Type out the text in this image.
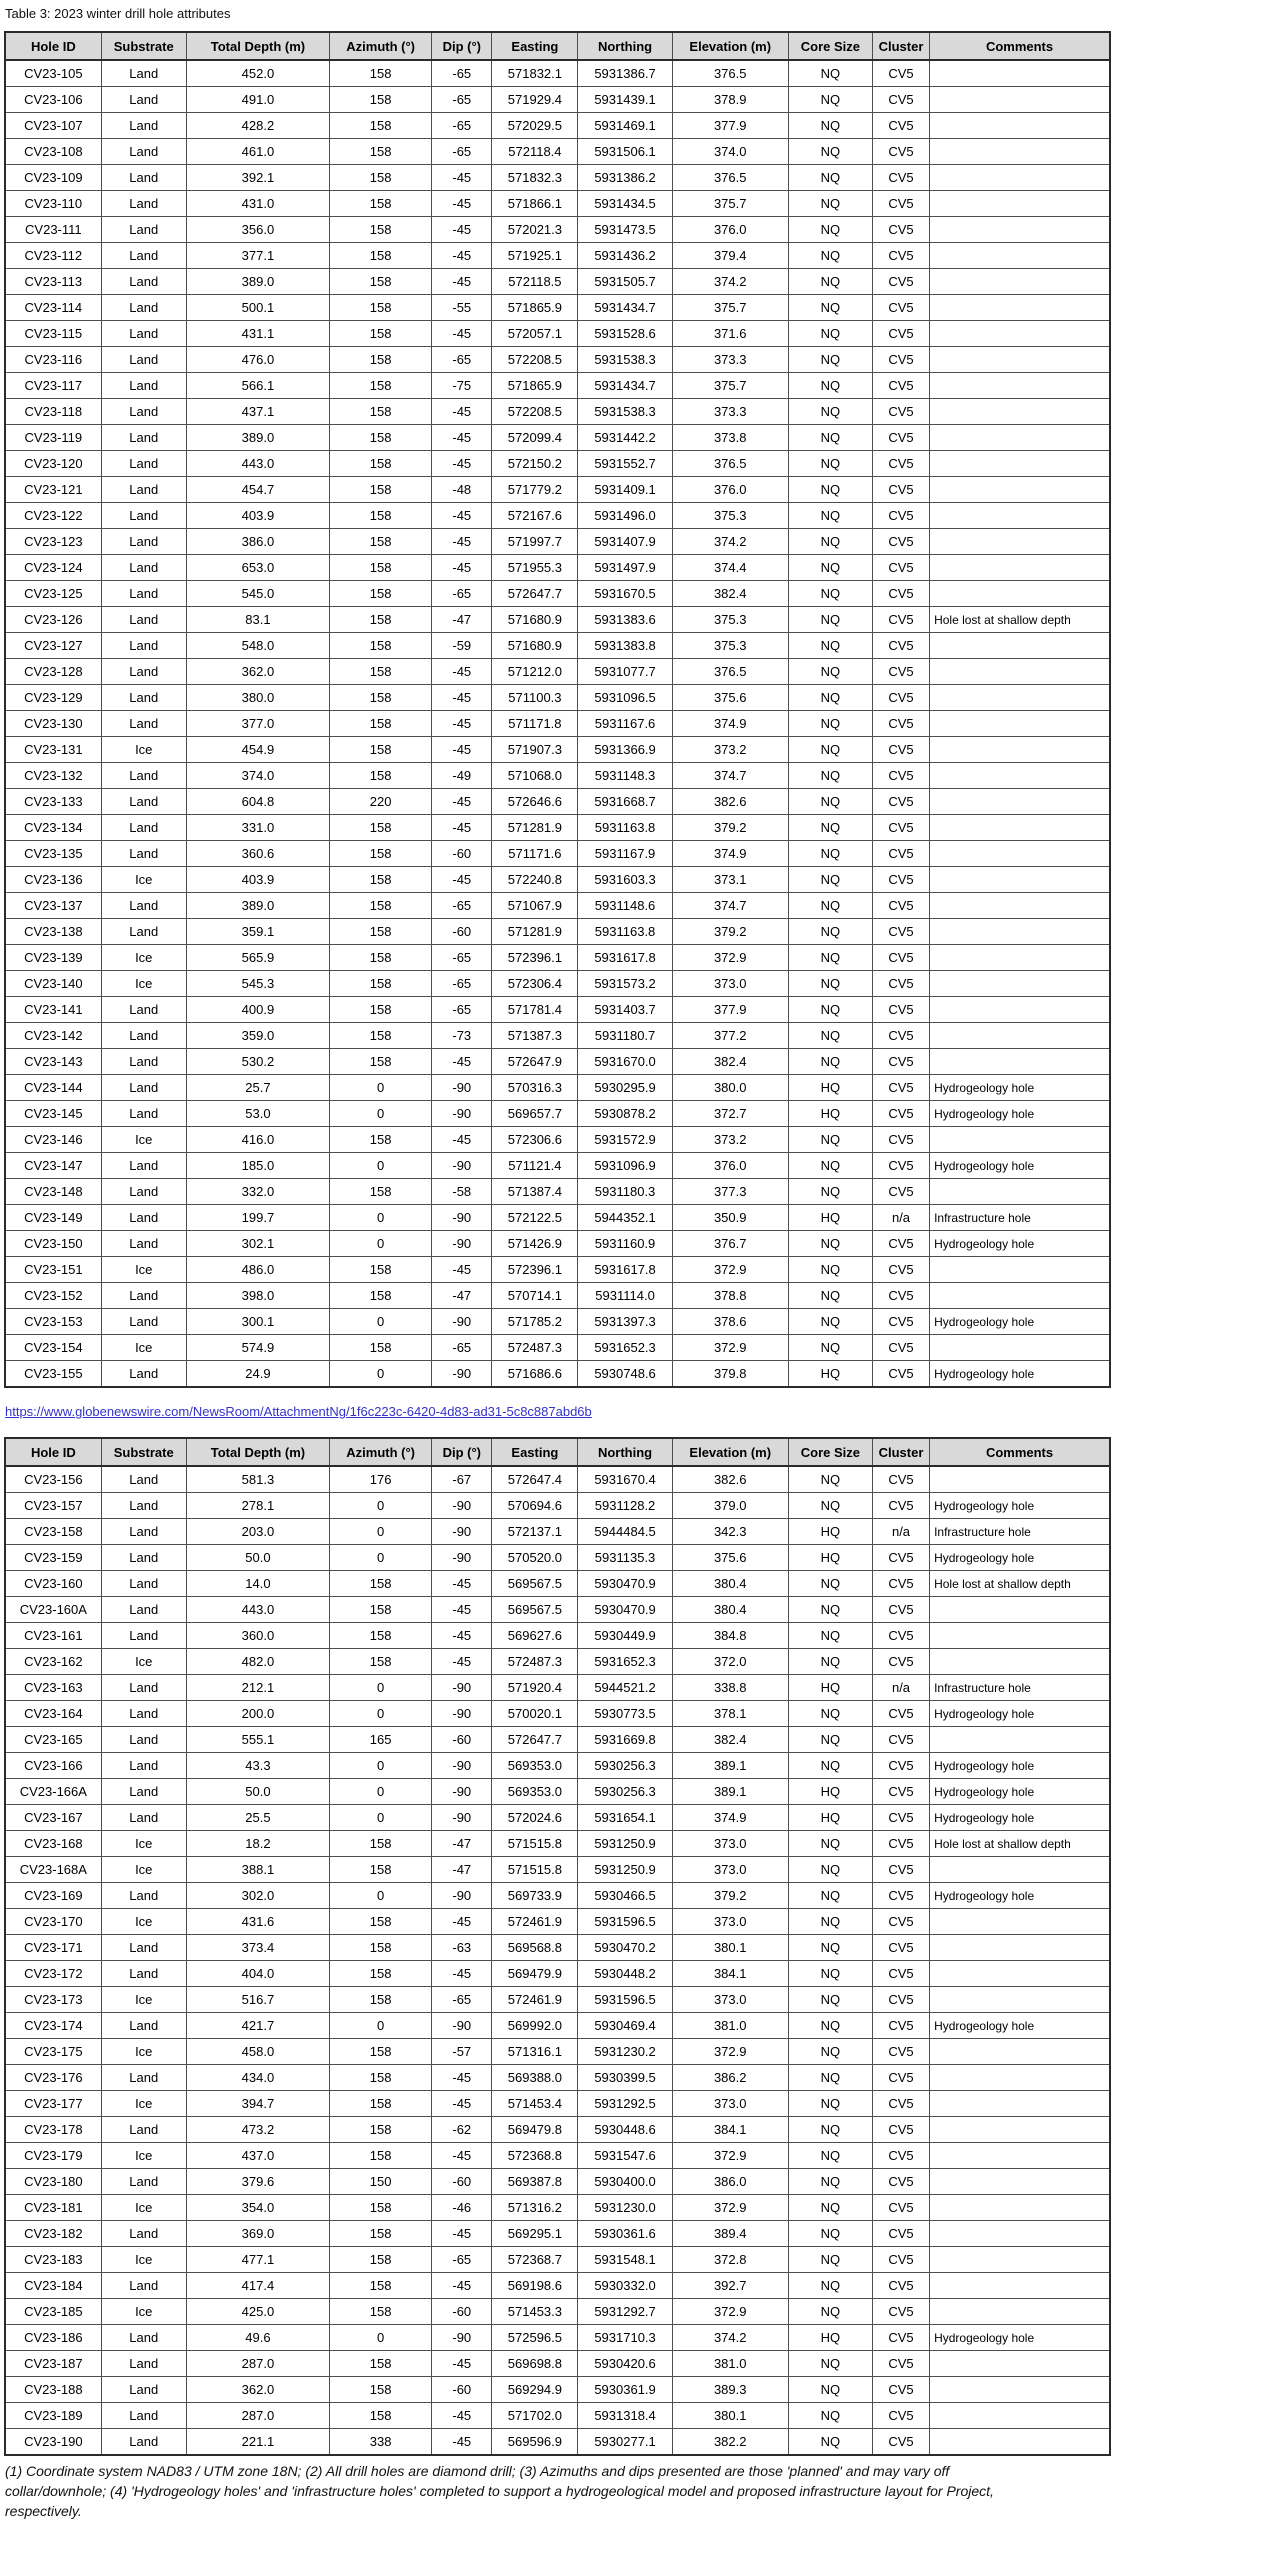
Table 3: 2023 winter drill hole attributes
Hole ID	Substrate	Total Depth (m)	Azimuth (°)	Dip (°)	Easting	Northing	Elevation (m)	Core Size	Cluster	Comments
CV23-105	Land	452.0	158	-65	571832.1	5931386.7	376.5	NQ	CV5	
CV23-106	Land	491.0	158	-65	571929.4	5931439.1	378.9	NQ	CV5	
CV23-107	Land	428.2	158	-65	572029.5	5931469.1	377.9	NQ	CV5	
CV23-108	Land	461.0	158	-65	572118.4	5931506.1	374.0	NQ	CV5	
CV23-109	Land	392.1	158	-45	571832.3	5931386.2	376.5	NQ	CV5	
CV23-110	Land	431.0	158	-45	571866.1	5931434.5	375.7	NQ	CV5	
CV23-111	Land	356.0	158	-45	572021.3	5931473.5	376.0	NQ	CV5	
CV23-112	Land	377.1	158	-45	571925.1	5931436.2	379.4	NQ	CV5	
CV23-113	Land	389.0	158	-45	572118.5	5931505.7	374.2	NQ	CV5	
CV23-114	Land	500.1	158	-55	571865.9	5931434.7	375.7	NQ	CV5	
CV23-115	Land	431.1	158	-45	572057.1	5931528.6	371.6	NQ	CV5	
CV23-116	Land	476.0	158	-65	572208.5	5931538.3	373.3	NQ	CV5	
CV23-117	Land	566.1	158	-75	571865.9	5931434.7	375.7	NQ	CV5	
CV23-118	Land	437.1	158	-45	572208.5	5931538.3	373.3	NQ	CV5	
CV23-119	Land	389.0	158	-45	572099.4	5931442.2	373.8	NQ	CV5	
CV23-120	Land	443.0	158	-45	572150.2	5931552.7	376.5	NQ	CV5	
CV23-121	Land	454.7	158	-48	571779.2	5931409.1	376.0	NQ	CV5	
CV23-122	Land	403.9	158	-45	572167.6	5931496.0	375.3	NQ	CV5	
CV23-123	Land	386.0	158	-45	571997.7	5931407.9	374.2	NQ	CV5	
CV23-124	Land	653.0	158	-45	571955.3	5931497.9	374.4	NQ	CV5	
CV23-125	Land	545.0	158	-65	572647.7	5931670.5	382.4	NQ	CV5	
CV23-126	Land	83.1	158	-47	571680.9	5931383.6	375.3	NQ	CV5	Hole lost at shallow depth
CV23-127	Land	548.0	158	-59	571680.9	5931383.8	375.3	NQ	CV5	
CV23-128	Land	362.0	158	-45	571212.0	5931077.7	376.5	NQ	CV5	
CV23-129	Land	380.0	158	-45	571100.3	5931096.5	375.6	NQ	CV5	
CV23-130	Land	377.0	158	-45	571171.8	5931167.6	374.9	NQ	CV5	
CV23-131	Ice	454.9	158	-45	571907.3	5931366.9	373.2	NQ	CV5	
CV23-132	Land	374.0	158	-49	571068.0	5931148.3	374.7	NQ	CV5	
CV23-133	Land	604.8	220	-45	572646.6	5931668.7	382.6	NQ	CV5	
CV23-134	Land	331.0	158	-45	571281.9	5931163.8	379.2	NQ	CV5	
CV23-135	Land	360.6	158	-60	571171.6	5931167.9	374.9	NQ	CV5	
CV23-136	Ice	403.9	158	-45	572240.8	5931603.3	373.1	NQ	CV5	
CV23-137	Land	389.0	158	-65	571067.9	5931148.6	374.7	NQ	CV5	
CV23-138	Land	359.1	158	-60	571281.9	5931163.8	379.2	NQ	CV5	
CV23-139	Ice	565.9	158	-65	572396.1	5931617.8	372.9	NQ	CV5	
CV23-140	Ice	545.3	158	-65	572306.4	5931573.2	373.0	NQ	CV5	
CV23-141	Land	400.9	158	-65	571781.4	5931403.7	377.9	NQ	CV5	
CV23-142	Land	359.0	158	-73	571387.3	5931180.7	377.2	NQ	CV5	
CV23-143	Land	530.2	158	-45	572647.9	5931670.0	382.4	NQ	CV5	
CV23-144	Land	25.7	0	-90	570316.3	5930295.9	380.0	HQ	CV5	Hydrogeology hole
CV23-145	Land	53.0	0	-90	569657.7	5930878.2	372.7	HQ	CV5	Hydrogeology hole
CV23-146	Ice	416.0	158	-45	572306.6	5931572.9	373.2	NQ	CV5	
CV23-147	Land	185.0	0	-90	571121.4	5931096.9	376.0	NQ	CV5	Hydrogeology hole
CV23-148	Land	332.0	158	-58	571387.4	5931180.3	377.3	NQ	CV5	
CV23-149	Land	199.7	0	-90	572122.5	5944352.1	350.9	HQ	n/a	Infrastructure hole
CV23-150	Land	302.1	0	-90	571426.9	5931160.9	376.7	NQ	CV5	Hydrogeology hole
CV23-151	Ice	486.0	158	-45	572396.1	5931617.8	372.9	NQ	CV5	
CV23-152	Land	398.0	158	-47	570714.1	5931114.0	378.8	NQ	CV5	
CV23-153	Land	300.1	0	-90	571785.2	5931397.3	378.6	NQ	CV5	Hydrogeology hole
CV23-154	Ice	574.9	158	-65	572487.3	5931652.3	372.9	NQ	CV5	
CV23-155	Land	24.9	0	-90	571686.6	5930748.6	379.8	HQ	CV5	Hydrogeology hole
https://www.globenewswire.com/NewsRoom/AttachmentNg/1f6c223c-6420-4d83-ad31-5c8c887abd6b
Hole ID	Substrate	Total Depth (m)	Azimuth (°)	Dip (°)	Easting	Northing	Elevation (m)	Core Size	Cluster	Comments
CV23-156	Land	581.3	176	-67	572647.4	5931670.4	382.6	NQ	CV5	
CV23-157	Land	278.1	0	-90	570694.6	5931128.2	379.0	NQ	CV5	Hydrogeology hole
CV23-158	Land	203.0	0	-90	572137.1	5944484.5	342.3	HQ	n/a	Infrastructure hole
CV23-159	Land	50.0	0	-90	570520.0	5931135.3	375.6	HQ	CV5	Hydrogeology hole
CV23-160	Land	14.0	158	-45	569567.5	5930470.9	380.4	NQ	CV5	Hole lost at shallow depth
CV23-160A	Land	443.0	158	-45	569567.5	5930470.9	380.4	NQ	CV5	
CV23-161	Land	360.0	158	-45	569627.6	5930449.9	384.8	NQ	CV5	
CV23-162	Ice	482.0	158	-45	572487.3	5931652.3	372.0	NQ	CV5	
CV23-163	Land	212.1	0	-90	571920.4	5944521.2	338.8	HQ	n/a	Infrastructure hole
CV23-164	Land	200.0	0	-90	570020.1	5930773.5	378.1	NQ	CV5	Hydrogeology hole
CV23-165	Land	555.1	165	-60	572647.7	5931669.8	382.4	NQ	CV5	
CV23-166	Land	43.3	0	-90	569353.0	5930256.3	389.1	NQ	CV5	Hydrogeology hole
CV23-166A	Land	50.0	0	-90	569353.0	5930256.3	389.1	HQ	CV5	Hydrogeology hole
CV23-167	Land	25.5	0	-90	572024.6	5931654.1	374.9	HQ	CV5	Hydrogeology hole
CV23-168	Ice	18.2	158	-47	571515.8	5931250.9	373.0	NQ	CV5	Hole lost at shallow depth
CV23-168A	Ice	388.1	158	-47	571515.8	5931250.9	373.0	NQ	CV5	
CV23-169	Land	302.0	0	-90	569733.9	5930466.5	379.2	NQ	CV5	Hydrogeology hole
CV23-170	Ice	431.6	158	-45	572461.9	5931596.5	373.0	NQ	CV5	
CV23-171	Land	373.4	158	-63	569568.8	5930470.2	380.1	NQ	CV5	
CV23-172	Land	404.0	158	-45	569479.9	5930448.2	384.1	NQ	CV5	
CV23-173	Ice	516.7	158	-65	572461.9	5931596.5	373.0	NQ	CV5	
CV23-174	Land	421.7	0	-90	569992.0	5930469.4	381.0	NQ	CV5	Hydrogeology hole
CV23-175	Ice	458.0	158	-57	571316.1	5931230.2	372.9	NQ	CV5	
CV23-176	Land	434.0	158	-45	569388.0	5930399.5	386.2	NQ	CV5	
CV23-177	Ice	394.7	158	-45	571453.4	5931292.5	373.0	NQ	CV5	
CV23-178	Land	473.2	158	-62	569479.8	5930448.6	384.1	NQ	CV5	
CV23-179	Ice	437.0	158	-45	572368.8	5931547.6	372.9	NQ	CV5	
CV23-180	Land	379.6	150	-60	569387.8	5930400.0	386.0	NQ	CV5	
CV23-181	Ice	354.0	158	-46	571316.2	5931230.0	372.9	NQ	CV5	
CV23-182	Land	369.0	158	-45	569295.1	5930361.6	389.4	NQ	CV5	
CV23-183	Ice	477.1	158	-65	572368.7	5931548.1	372.8	NQ	CV5	
CV23-184	Land	417.4	158	-45	569198.6	5930332.0	392.7	NQ	CV5	
CV23-185	Ice	425.0	158	-60	571453.3	5931292.7	372.9	NQ	CV5	
CV23-186	Land	49.6	0	-90	572596.5	5931710.3	374.2	HQ	CV5	Hydrogeology hole
CV23-187	Land	287.0	158	-45	569698.8	5930420.6	381.0	NQ	CV5	
CV23-188	Land	362.0	158	-60	569294.9	5930361.9	389.3	NQ	CV5	
CV23-189	Land	287.0	158	-45	571702.0	5931318.4	380.1	NQ	CV5	
CV23-190	Land	221.1	338	-45	569596.9	5930277.1	382.2	NQ	CV5	
(1) Coordinate system NAD83 / UTM zone 18N; (2) All drill holes are diamond drill; (3) Azimuths and dips presented are those 'planned' and may vary off
collar/downhole; (4) 'Hydrogeology holes' and 'infrastructure holes' completed to support a hydrogeological model and proposed infrastructure layout for Project,
respectively.
